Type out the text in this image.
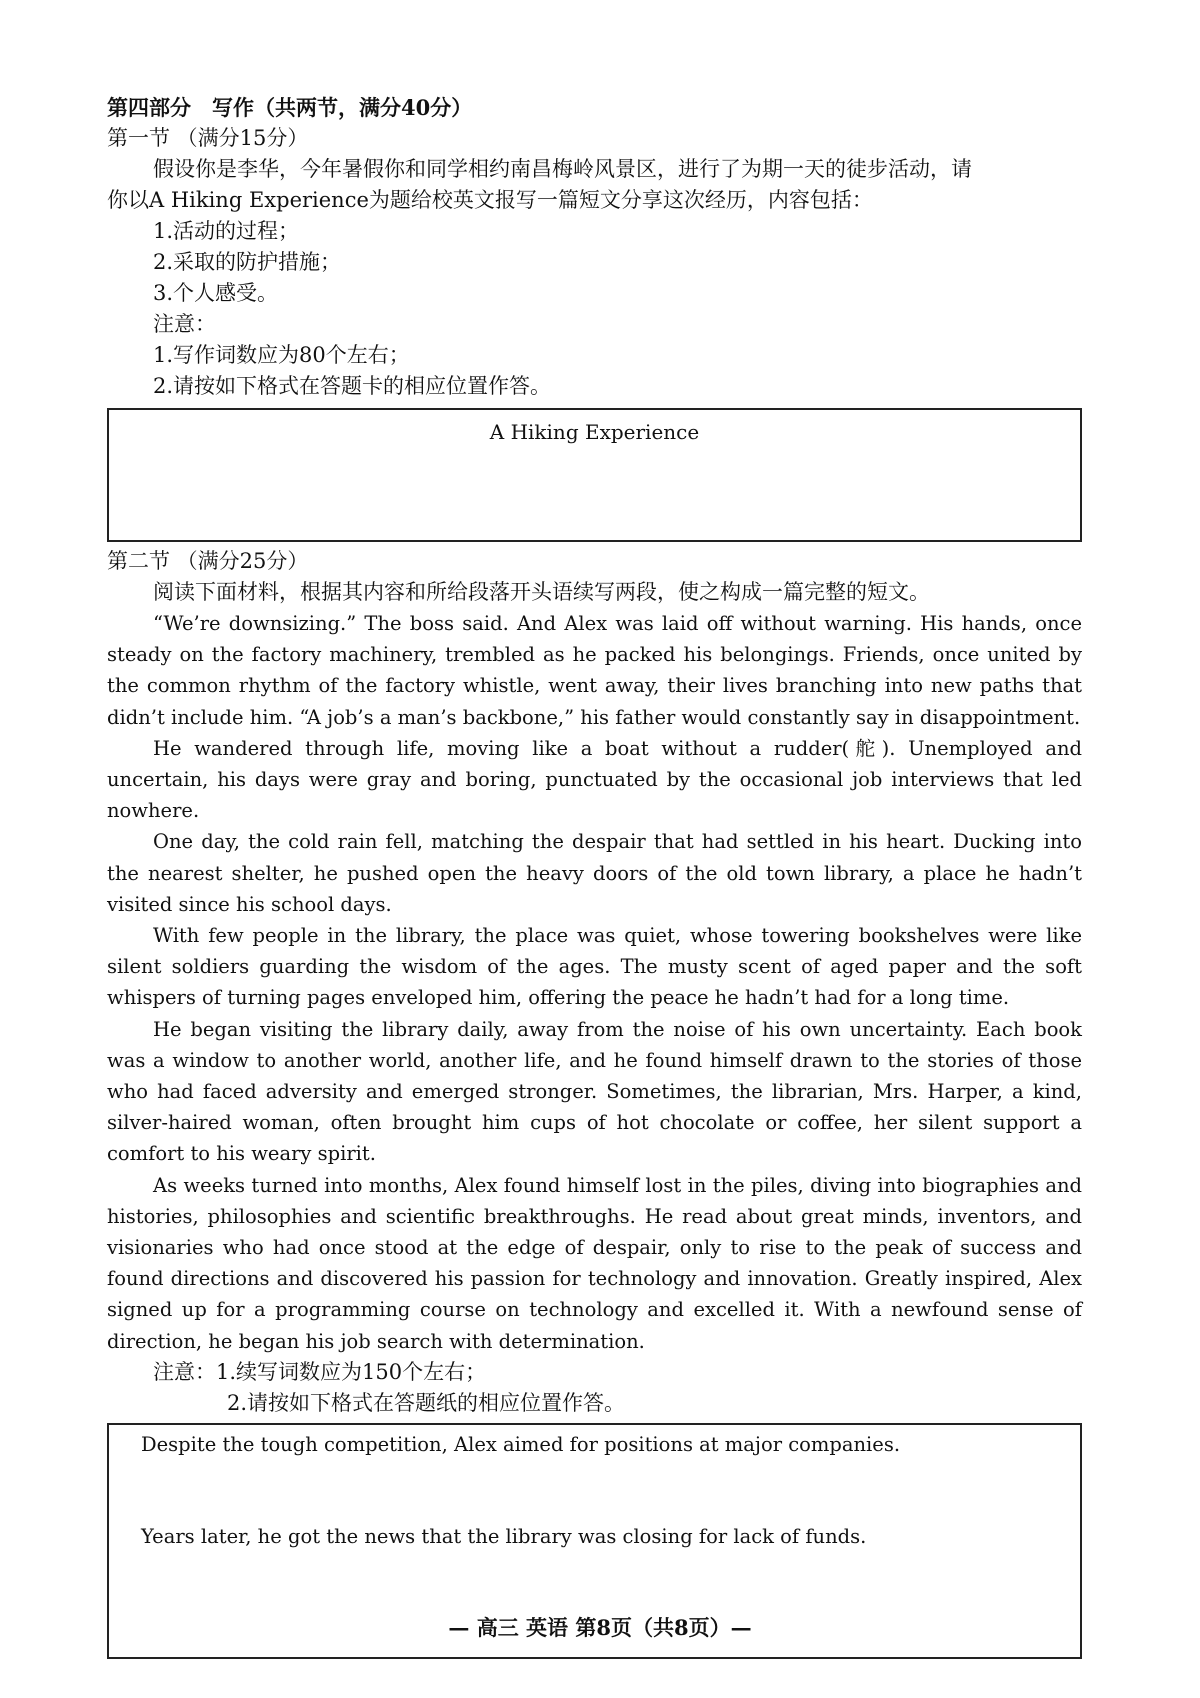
第四部分　写作（共两节，满分40分）
第一节 （满分15分）
假设你是李华，今年暑假你和同学相约南昌梅岭风景区，进行了为期一天的徒步活动，请
你以A Hiking Experience为题给校英文报写一篇短文分享这次经历，内容包括：
1.活动的过程；
2.采取的防护措施；
3.个人感受。
注意：
1.写作词数应为80个左右；
2.请按如下格式在答题卡的相应位置作答。
A Hiking Experience
第二节 （满分25分）
阅读下面材料，根据其内容和所给段落开头语续写两段，使之构成一篇完整的短文。

“We’re downsizing.” The boss said. And Alex was laid off without warning. His hands, once steady on the factory machinery, trembled as he packed his belongings. Friends, once united by the common rhythm of the factory whistle, went away, their lives branching into new paths that didn’t include him. “A job’s a man’s backbone,” his father would constantly say in disappointment.

He wandered through life, moving like a boat without a rudder(舵). Unemployed and uncertain, his days were gray and boring, punctuated by the occasional job interviews that led nowhere.

One day, the cold rain fell, matching the despair that had settled in his heart. Ducking into the nearest shelter, he pushed open the heavy doors of the old town library, a place he hadn’t visited since his school days.

With few people in the library, the place was quiet, whose towering bookshelves were like silent soldiers guarding the wisdom of the ages. The musty scent of aged paper and the soft whispers of turning pages enveloped him, offering the peace he hadn’t had for a long time.

He began visiting the library daily, away from the noise of his own uncertainty. Each book was a window to another world, another life, and he found himself drawn to the stories of those who had faced adversity and emerged stronger. Sometimes, the librarian, Mrs. Harper, a kind, silver-haired woman, often brought him cups of hot chocolate or coffee, her silent support a comfort to his weary spirit.

As weeks turned into months, Alex found himself lost in the piles, diving into biographies and histories, philosophies and scientific breakthroughs. He read about great minds, inventors, and visionaries who had once stood at the edge of despair, only to rise to the peak of success and found directions and discovered his passion for technology and innovation. Greatly inspired, Alex signed up for a programming course on technology and excelled it. With a newfound sense of direction, he began his job search with determination.

注意：1.续写词数应为150个左右；
2.请按如下格式在答题纸的相应位置作答。
Despite the tough competition, Alex aimed for positions at major companies.
Years later, he got the news that the library was closing for lack of funds.
— 高三 英语 第8页（共8页）—
